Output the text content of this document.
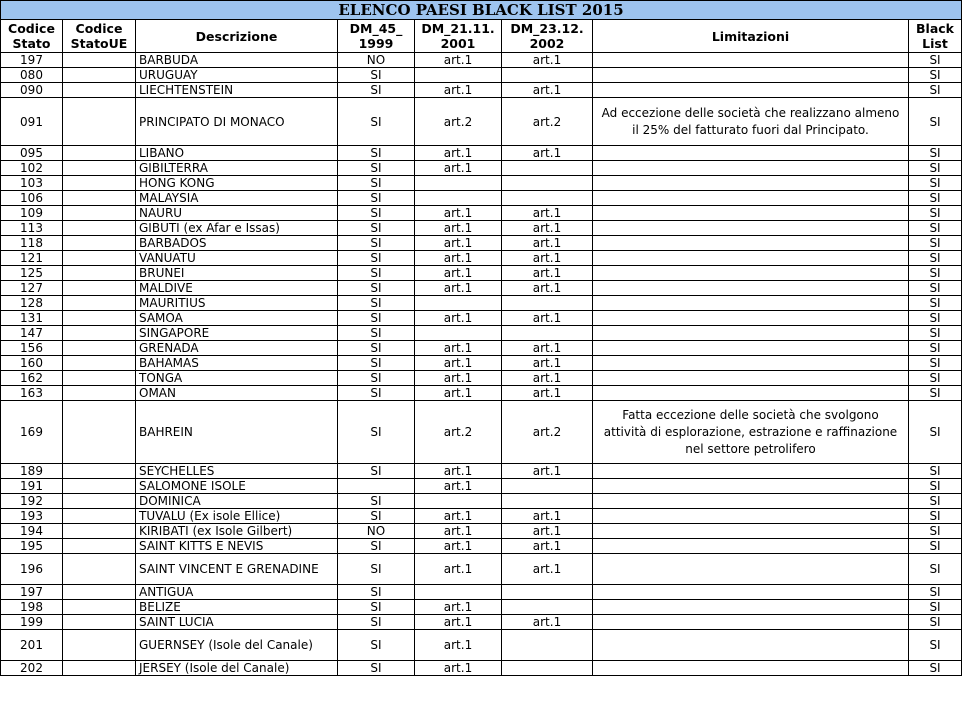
ELENCO PAESI BLACK LIST 2015							
Codice Stato	Codice StatoUE	Descrizione	DM_45_ 1999	DM_21.11. 2001	DM_23.12. 2002	Limitazioni	Black List
197		BARBUDA	NO	art.1	art.1		SI
080		URUGUAY	SI				SI
090		LIECHTENSTEIN	SI	art.1	art.1		SI
091		PRINCIPATO DI MONACO	SI	art.2	art.2	Ad eccezione delle società che realizzano almeno il 25% del fatturato fuori dal Principato.	SI
095		LIBANO	SI	art.1	art.1		SI
102		GIBILTERRA	SI	art.1			SI
103		HONG KONG	SI				SI
106		MALAYSIA	SI				SI
109		NAURU	SI	art.1	art.1		SI
113		GIBUTI (ex Afar e Issas)	SI	art.1	art.1		SI
118		BARBADOS	SI	art.1	art.1		SI
121		VANUATU	SI	art.1	art.1		SI
125		BRUNEI	SI	art.1	art.1		SI
127		MALDIVE	SI	art.1	art.1		SI
128		MAURITIUS	SI				SI
131		SAMOA	SI	art.1	art.1		SI
147		SINGAPORE	SI				SI
156		GRENADA	SI	art.1	art.1		SI
160		BAHAMAS	SI	art.1	art.1		SI
162		TONGA	SI	art.1	art.1		SI
163		OMAN	SI	art.1	art.1		SI
169		BAHREIN	SI	art.2	art.2	Fatta eccezione delle società che svolgono attività di esplorazione, estrazione e raffinazione nel settore petrolifero	SI
189		SEYCHELLES	SI	art.1	art.1		SI
191		SALOMONE ISOLE		art.1			SI
192		DOMINICA	SI				SI
193		TUVALU (Ex isole Ellice)	SI	art.1	art.1		SI
194		KIRIBATI (ex Isole Gilbert)	NO	art.1	art.1		SI
195		SAINT KITTS E NEVIS	SI	art.1	art.1		SI
196		SAINT VINCENT E GRENADINE	SI	art.1	art.1		SI
197		ANTIGUA	SI				SI
198		BELIZE	SI	art.1			SI
199		SAINT LUCIA	SI	art.1	art.1		SI
201		GUERNSEY (Isole del Canale)	SI	art.1			SI
202		JERSEY (Isole del Canale)	SI	art.1			SI
